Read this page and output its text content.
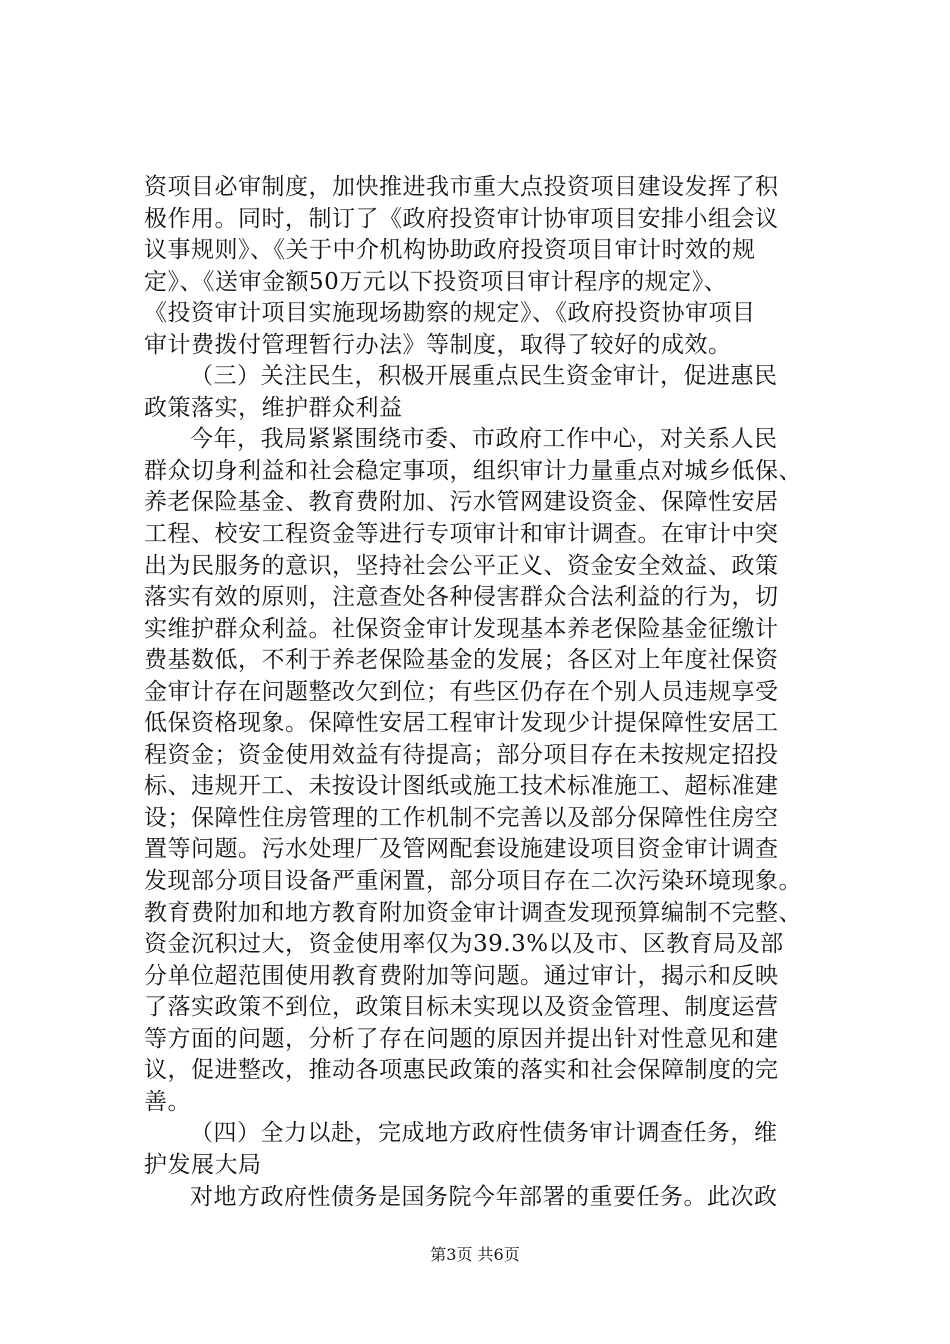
资项目必审制度，加快推进我市重大点投资项目建设发挥了积
极作用。同时，制订了《政府投资审计协审项目安排小组会议
议事规则》、《关于中介机构协助政府投资项目审计时效的规
定》、《送审金额50万元以下投资项目审计程序的规定》、
《投资审计项目实施现场勘察的规定》、《政府投资协审项目
审计费拨付管理暂行办法》等制度，取得了较好的成效。
（三）关注民生，积极开展重点民生资金审计，促进惠民
政策落实，维护群众利益
今年，我局紧紧围绕市委、市政府工作中心，对关系人民
群众切身利益和社会稳定事项，组织审计力量重点对城乡低保、
养老保险基金、教育费附加、污水管网建设资金、保障性安居
工程、校安工程资金等进行专项审计和审计调查。在审计中突
出为民服务的意识，坚持社会公平正义、资金安全效益、政策
落实有效的原则，注意查处各种侵害群众合法利益的行为，切
实维护群众利益。社保资金审计发现基本养老保险基金征缴计
费基数低，不利于养老保险基金的发展；各区对上年度社保资
金审计存在问题整改欠到位；有些区仍存在个别人员违规享受
低保资格现象。保障性安居工程审计发现少计提保障性安居工
程资金；资金使用效益有待提高；部分项目存在未按规定招投
标、违规开工、未按设计图纸或施工技术标准施工、超标准建
设；保障性住房管理的工作机制不完善以及部分保障性住房空
置等问题。污水处理厂及管网配套设施建设项目资金审计调查
发现部分项目设备严重闲置，部分项目存在二次污染环境现象。
教育费附加和地方教育附加资金审计调查发现预算编制不完整、
资金沉积过大，资金使用率仅为39.3%以及市、区教育局及部
分单位超范围使用教育费附加等问题。通过审计，揭示和反映
了落实政策不到位，政策目标未实现以及资金管理、制度运营
等方面的问题，分析了存在问题的原因并提出针对性意见和建
议，促进整改，推动各项惠民政策的落实和社会保障制度的完
善。
（四）全力以赴，完成地方政府性债务审计调查任务，维
护发展大局
对地方政府性债务是国务院今年部署的重要任务。此次政
第3页 共6页
